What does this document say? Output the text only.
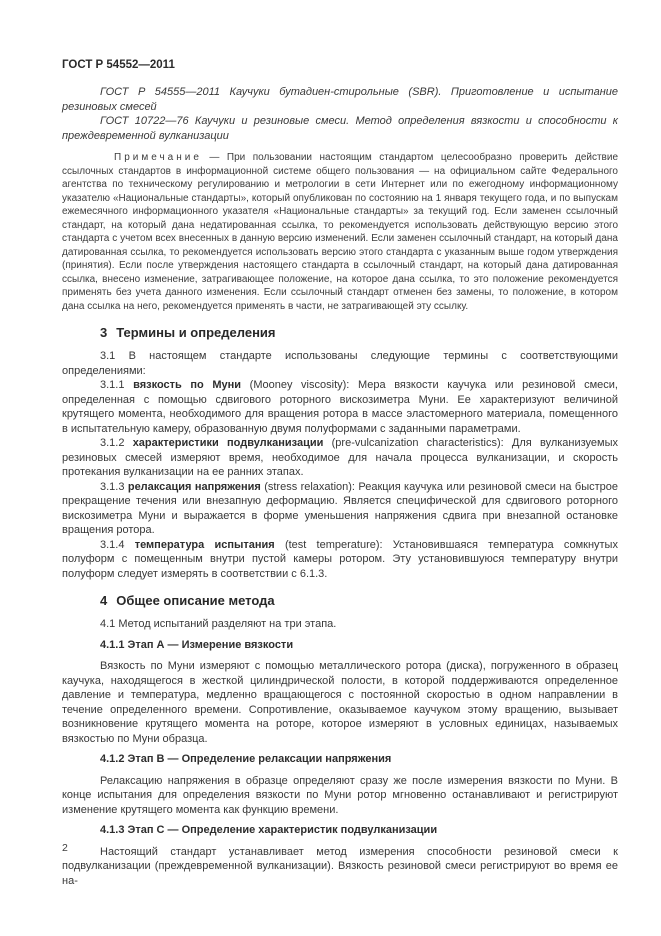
ГОСТ Р 54552—2011

ГОСТ Р 54555—2011 Каучуки бутадиен-стирольные (SBR). Приготовление и испытание резиновых смесей

ГОСТ 10722—76 Каучуки и резиновые смеси. Метод определения вязкости и способности к преждевременной вулканизации

Примечание — При пользовании настоящим стандартом целесообразно проверить действие ссылочных стандартов в информационной системе общего пользования — на официальном сайте Федерального агентства по техническому регулированию и метрологии в сети Интернет или по ежегодному информационному указателю «Национальные стандарты», который опубликован по состоянию на 1 января текущего года, и по выпускам ежемесячного информационного указателя «Национальные стандарты» за текущий год. Если заменен ссылочный стандарт, на который дана недатированная ссылка, то рекомендуется использовать действующую версию этого стандарта с учетом всех внесенных в данную версию изменений. Если заменен ссылочный стандарт, на который дана датированная ссылка, то рекомендуется использовать версию этого стандарта с указанным выше годом утверждения (принятия). Если после утверждения настоящего стандарта в ссылочный стандарт, на который дана датированная ссылка, внесено изменение, затрагивающее положение, на которое дана ссылка, то это положение рекомендуется применять без учета данного изменения. Если ссылочный стандарт отменен без замены, то положение, в котором дана ссылка на него, рекомендуется применять в части, не затрагивающей эту ссылку.

3 Термины и определения

3.1 В настоящем стандарте использованы следующие термины с соответствующими определениями:

3.1.1 вязкость по Муни (Mooney viscosity): Мера вязкости каучука или резиновой смеси, определенная с помощью сдвигового роторного вискозиметра Муни. Ее характеризуют величиной крутящего момента, необходимого для вращения ротора в массе эластомерного материала, помещенного в испытательную камеру, образованную двумя полуформами с заданными параметрами.

3.1.2 характеристики подвулканизации (pre-vulcanization characteristics): Для вулканизуемых резиновых смесей измеряют время, необходимое для начала процесса вулканизации, и скорость протекания вулканизации на ее ранних этапах.

3.1.3 релаксация напряжения (stress relaxation): Реакция каучука или резиновой смеси на быстрое прекращение течения или внезапную деформацию. Является специфической для сдвигового роторного вискозиметра Муни и выражается в форме уменьшения напряжения сдвига при внезапной остановке вращения ротора.

3.1.4 температура испытания (test temperature): Установившаяся температура сомкнутых полуформ с помещенным внутри пустой камеры ротором. Эту установившуюся температуру внутри полуформ следует измерять в соответствии с 6.1.3.

4 Общее описание метода

4.1 Метод испытаний разделяют на три этапа.

4.1.1 Этап А — Измерение вязкости

Вязкость по Муни измеряют с помощью металлического ротора (диска), погруженного в образец каучука, находящегося в жесткой цилиндрической полости, в которой поддерживаются определенное давление и температура, медленно вращающегося с постоянной скоростью в одном направлении в течение определенного времени. Сопротивление, оказываемое каучуком этому вращению, вызывает возникновение крутящего момента на роторе, которое измеряют в условных единицах, называемых вязкостью по Муни образца.

4.1.2 Этап В — Определение релаксации напряжения

Релаксацию напряжения в образце определяют сразу же после измерения вязкости по Муни. В конце испытания для определения вязкости по Муни ротор мгновенно останавливают и регистрируют изменение крутящего момента как функцию времени.

4.1.3 Этап С — Определение характеристик подвулканизации

Настоящий стандарт устанавливает метод измерения способности резиновой смеси к подвулканизации (преждевременной вулканизации). Вязкость резиновой смеси регистрируют во время ее на-

2
